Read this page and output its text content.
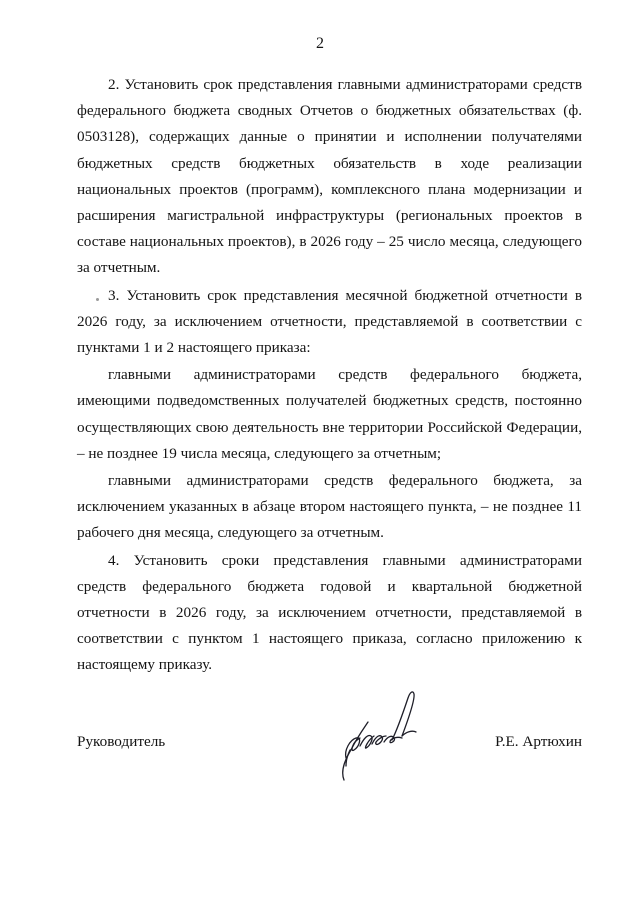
2

2. Установить срок представления главными администраторами средств федерального бюджета сводных Отчетов о бюджетных обязательствах (ф. 0503128), содержащих данные о принятии и исполнении получателями бюджетных средств бюджетных обязательств в ходе реализации национальных проектов (программ), комплексного плана модернизации и расширения магистральной инфраструктуры (региональных проектов в составе национальных проектов), в 2026 году – 25 число месяца, следующего за отчетным.

3. Установить срок представления месячной бюджетной отчетности в 2026 году, за исключением отчетности, представляемой в соответствии с пунктами 1 и 2 настоящего приказа:

главными администраторами средств федерального бюджета, имеющими подведомственных получателей бюджетных средств, постоянно осуществляющих свою деятельность вне территории Российской Федерации, – не позднее 19 числа месяца, следующего за отчетным;

главными администраторами средств федерального бюджета, за исключением указанных в абзаце втором настоящего пункта, – не позднее 11 рабочего дня месяца, следующего за отчетным.

4. Установить сроки представления главными администраторами средств федерального бюджета годовой и квартальной бюджетной отчетности в 2026 году, за исключением отчетности, представляемой в соответствии с пунктом 1 настоящего приказа, согласно приложению к настоящему приказу.

Руководитель	Р.Е. Артюхин
